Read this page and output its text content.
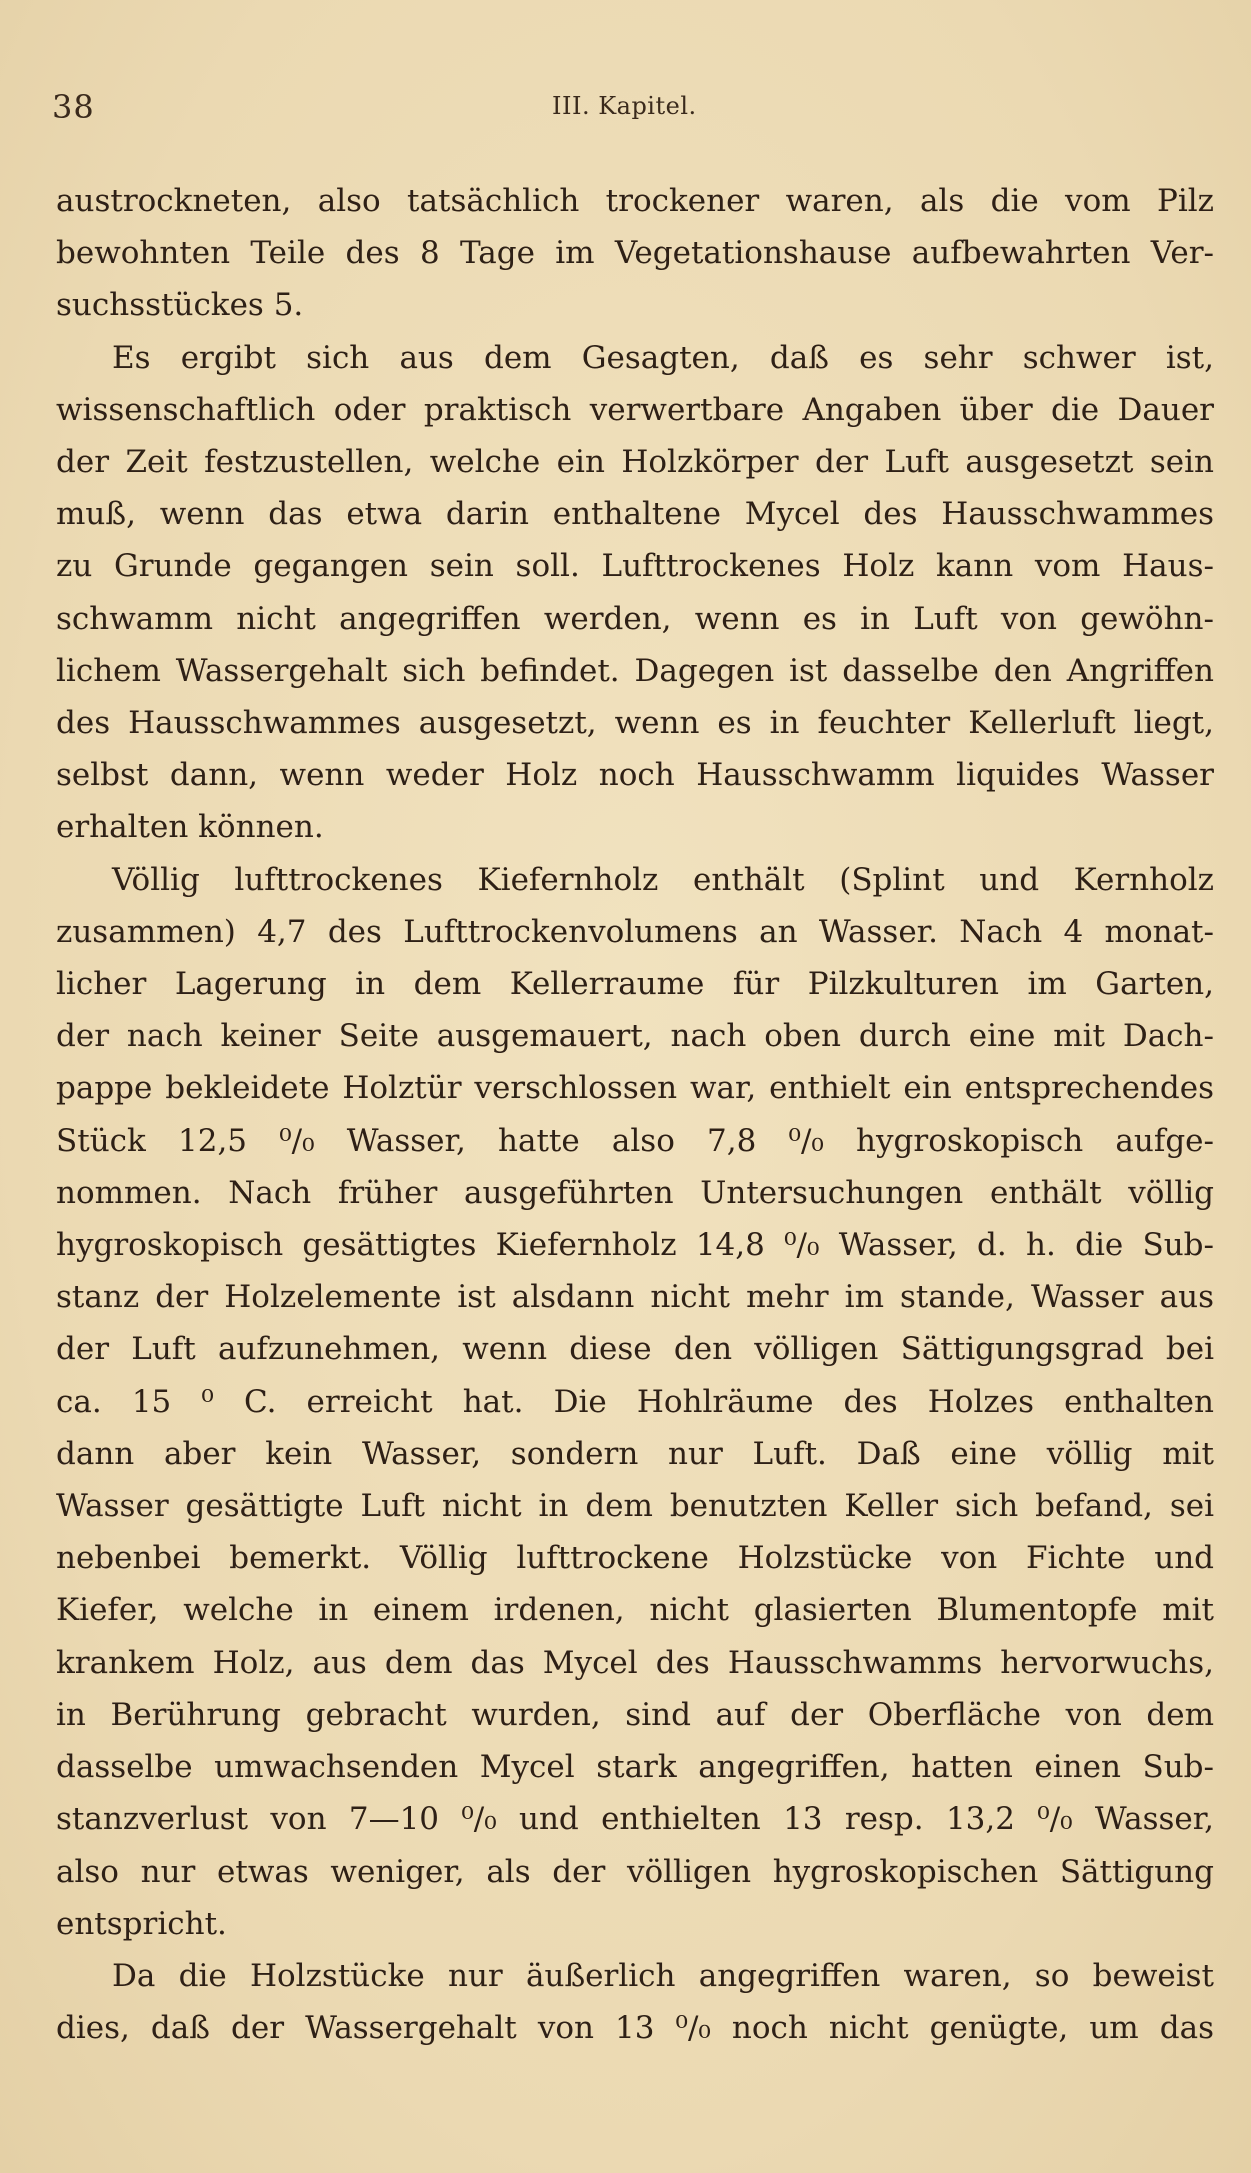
38	III. Kapitel.

austrockneten, also tatsächlich trockener waren, als die vom Pilz

bewohnten Teile des 8 Tage im Vegetationshause aufbewahrten Ver-

suchsstückes 5.

Es ergibt sich aus dem Gesagten, daß es sehr schwer ist,

wissenschaftlich oder praktisch verwertbare Angaben über die Dauer

der Zeit festzustellen, welche ein Holzkörper der Luft ausgesetzt sein

muß, wenn das etwa darin enthaltene Mycel des Hausschwammes

zu Grunde gegangen sein soll. Lufttrockenes Holz kann vom Haus-

schwamm nicht angegriffen werden, wenn es in Luft von gewöhn-

lichem Wassergehalt sich befindet. Dagegen ist dasselbe den Angriffen

des Hausschwammes ausgesetzt, wenn es in feuchter Kellerluft liegt,

selbst dann, wenn weder Holz noch Hausschwamm liquides Wasser

erhalten können.

Völlig lufttrockenes Kiefernholz enthält (Splint und Kernholz

zusammen) 4,7 des Lufttrockenvolumens an Wasser. Nach 4 monat-

licher Lagerung in dem Kellerraume für Pilzkulturen im Garten,

der nach keiner Seite ausgemauert, nach oben durch eine mit Dach-

pappe bekleidete Holztür verschlossen war, enthielt ein entsprechendes

Stück 12,5 ⁰/₀ Wasser, hatte also 7,8 ⁰/₀ hygroskopisch aufge-

nommen. Nach früher ausgeführten Untersuchungen enthält völlig

hygroskopisch gesättigtes Kiefernholz 14,8 ⁰/₀ Wasser, d. h. die Sub-

stanz der Holzelemente ist alsdann nicht mehr im stande, Wasser aus

der Luft aufzunehmen, wenn diese den völligen Sättigungsgrad bei

ca. 15 ⁰ C. erreicht hat. Die Hohlräume des Holzes enthalten

dann aber kein Wasser, sondern nur Luft. Daß eine völlig mit

Wasser gesättigte Luft nicht in dem benutzten Keller sich befand, sei

nebenbei bemerkt. Völlig lufttrockene Holzstücke von Fichte und

Kiefer, welche in einem irdenen, nicht glasierten Blumentopfe mit

krankem Holz, aus dem das Mycel des Hausschwamms hervorwuchs,

in Berührung gebracht wurden, sind auf der Oberfläche von dem

dasselbe umwachsenden Mycel stark angegriffen, hatten einen Sub-

stanzverlust von 7—10 ⁰/₀ und enthielten 13 resp. 13,2 ⁰/₀ Wasser,

also nur etwas weniger, als der völligen hygroskopischen Sättigung

entspricht.

Da die Holzstücke nur äußerlich angegriffen waren, so beweist

dies, daß der Wassergehalt von 13 ⁰/₀ noch nicht genügte, um das
